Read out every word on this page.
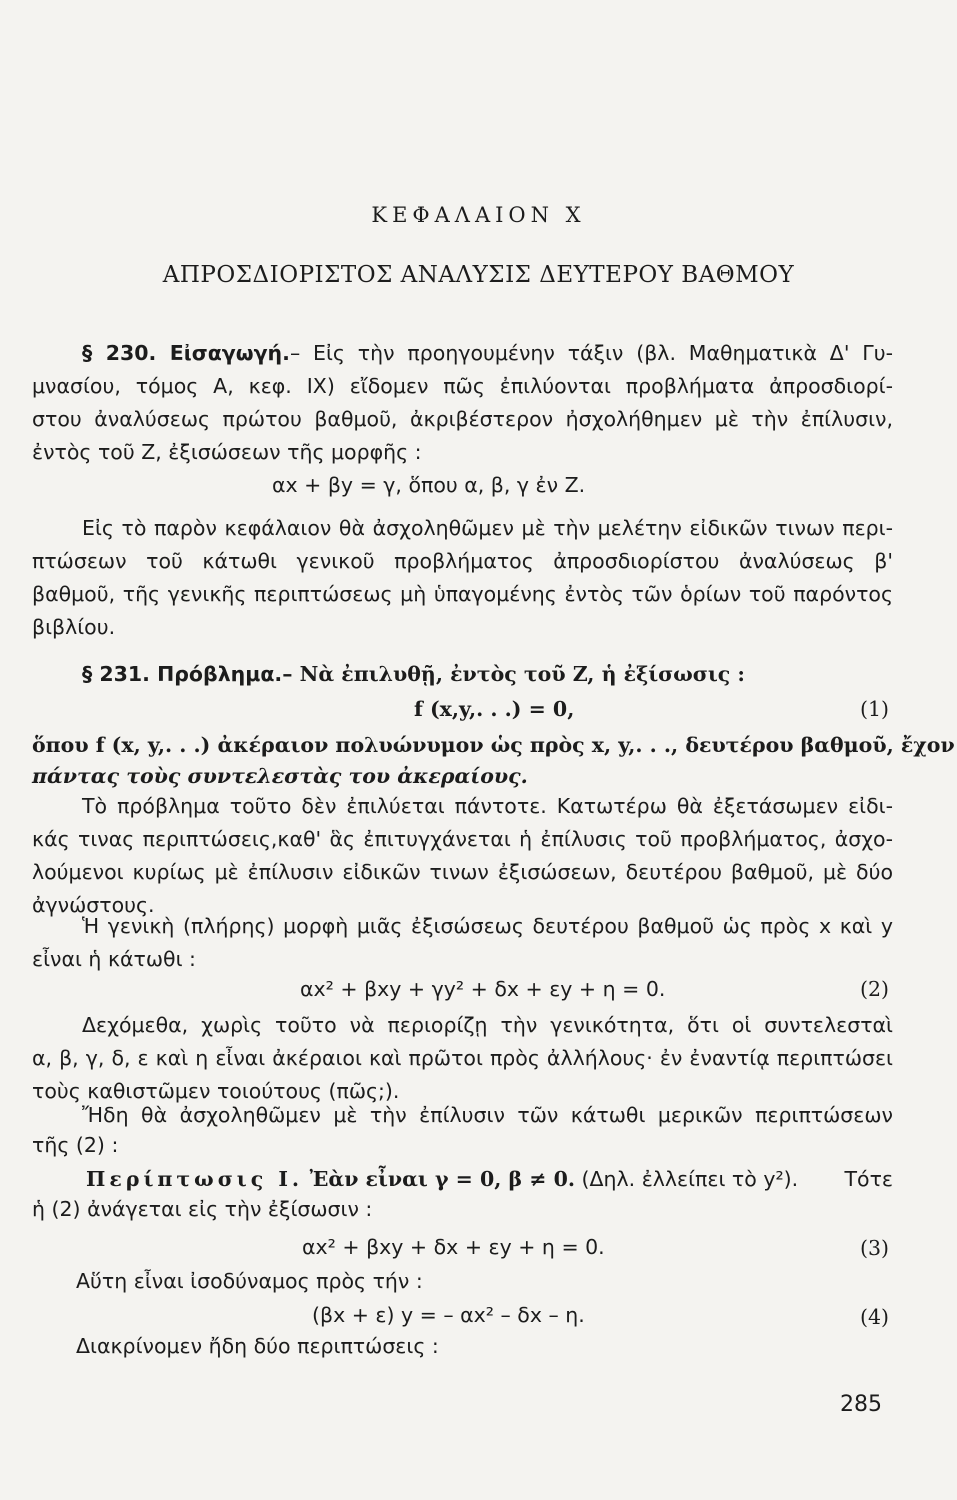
ΚΕΦΑΛΑΙΟΝ Χ
ΑΠΡΟΣΔΙΟΡΙΣΤΟΣ ΑΝΑΛΥΣΙΣ ΔΕΥΤΕΡΟΥ ΒΑΘΜΟΥ
§ 230. Εἰσαγωγή.– Εἰς τὴν προηγουμένην τάξιν (βλ. Μαθηματικὰ Δ' Γυ-
μνασίου, τόμος Α, κεφ. ΙΧ) εἴδομεν πῶς ἐπιλύονται προβλήματα ἀπροσδιορί-
στου ἀναλύσεως πρώτου βαθμοῦ, ἀκριβέστερον ἠσχολήθημεν μὲ τὴν ἐπίλυσιν,
ἐντὸς τοῦ Z, ἐξισώσεων τῆς μορφῆς :
αx + βy = γ, ὅπου α, β, γ ἐν Z.
Εἰς τὸ παρὸν κεφάλαιον θὰ ἀσχοληθῶμεν μὲ τὴν μελέτην εἰδικῶν τινων περι-
πτώσεων τοῦ κάτωθι γενικοῦ προβλήματος ἀπροσδιορίστου ἀναλύσεως β'
βαθμοῦ, τῆς γενικῆς περιπτώσεως μὴ ὑπαγομένης ἐντὸς τῶν ὁρίων τοῦ παρόντος
βιβλίου.
§ 231. Πρόβλημα.– Νὰ ἐπιλυθῇ, ἐντὸς τοῦ Z, ἡ ἐξίσωσις :
f (x,y,. . .) = 0,	(1)
ὅπου f (x, y,. . .) ἀκέραιον πολυώνυμον ὡς πρὸς x, y,. . ., δευτέρου βαθμοῦ, ἔχον
πάντας τοὺς συντελεστὰς του ἀκεραίους.
Τὸ πρόβλημα τοῦτο δὲν ἐπιλύεται πάντοτε. Κατωτέρω θὰ ἐξετάσωμεν εἰδι-
κάς τινας περιπτώσεις,καθ' ἃς ἐπιτυγχάνεται ἡ ἐπίλυσις τοῦ προβλήματος, ἀσχο-
λούμενοι κυρίως μὲ ἐπίλυσιν εἰδικῶν τινων ἐξισώσεων, δευτέρου βαθμοῦ, μὲ δύο
ἀγνώστους.
Ἡ γενικὴ (πλήρης) μορφὴ μιᾶς ἐξισώσεως δευτέρου βαθμοῦ ὡς πρὸς x καὶ y
εἶναι ἡ κάτωθι :
αx² + βxy + γy² + δx + εy + η = 0.	(2)
Δεχόμεθα, χωρὶς τοῦτο νὰ περιορίζῃ τὴν γενικότητα, ὅτι οἱ συντελεσταὶ
α, β, γ, δ, ε καὶ η εἶναι ἀκέραιοι καὶ πρῶτοι πρὸς ἀλλήλους· ἐν ἐναντίᾳ περιπτώσει
τοὺς καθιστῶμεν τοιούτους (πῶς;).
Ἤδη θὰ ἀσχοληθῶμεν μὲ τὴν ἐπίλυσιν τῶν κάτωθι μερικῶν περιπτώσεων
τῆς (2) :
Περίπτωσις Ι. Ἐὰν εἶναι γ = 0, β ≠ 0. (Δηλ. ἐλλείπει τὸ y²). Τότε
ἡ (2) ἀνάγεται εἰς τὴν ἐξίσωσιν :
αx² + βxy + δx + εy + η = 0.	(3)
Αὕτη εἶναι ἰσοδύναμος πρὸς τήν :
(βx + ε) y = – αx² – δx – η.	(4)
Διακρίνομεν ἤδη δύο περιπτώσεις :
285
